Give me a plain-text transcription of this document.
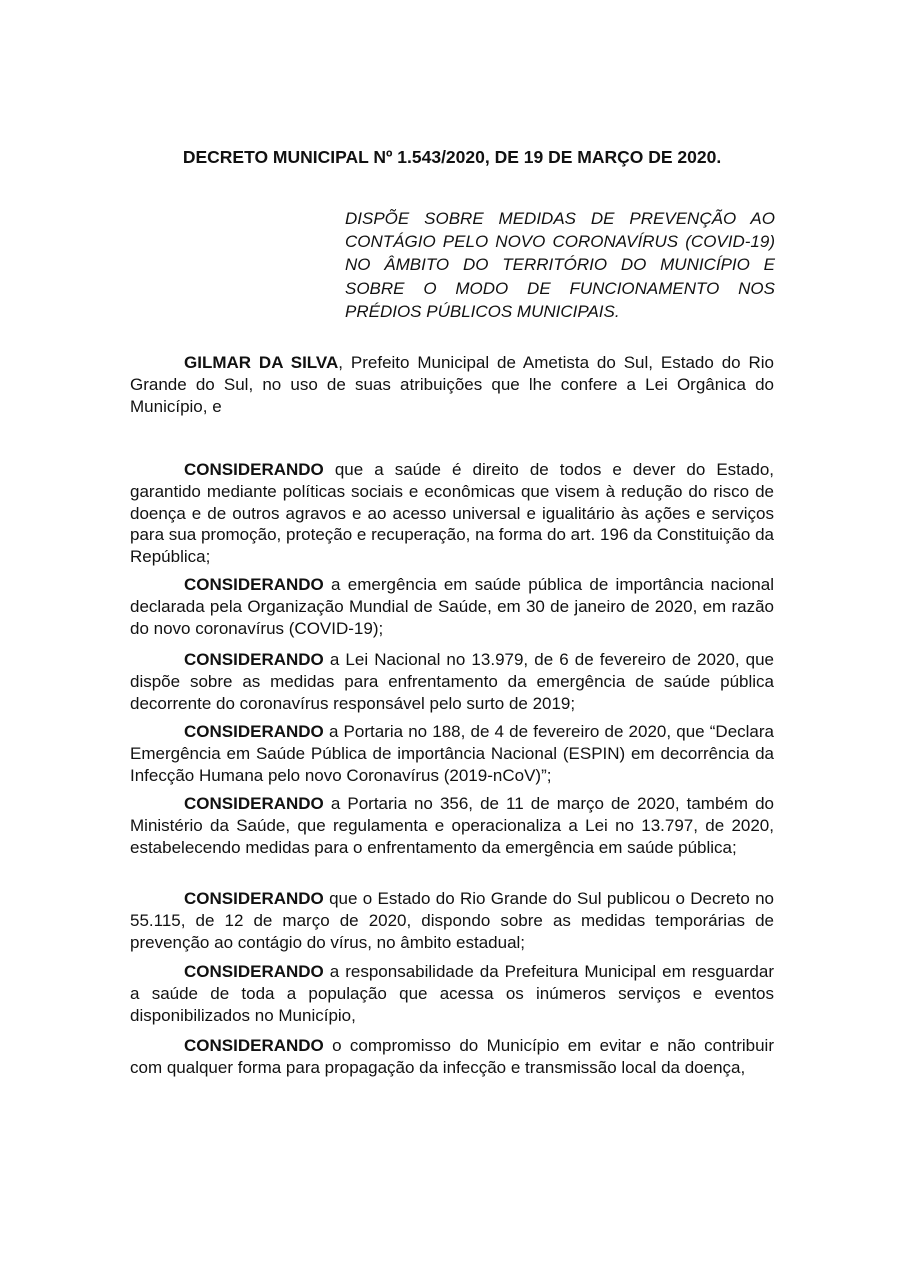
DECRETO MUNICIPAL Nº 1.543/2020, DE 19 DE MARÇO DE 2020.
DISPÕE SOBRE MEDIDAS DE PREVENÇÃO AO CONTÁGIO PELO NOVO CORONAVÍRUS (COVID-19) NO ÂMBITO DO TERRITÓRIO DO MUNICÍPIO E SOBRE O MODO DE FUNCIONAMENTO NOS PRÉDIOS PÚBLICOS MUNICIPAIS.

GILMAR DA SILVA, Prefeito Municipal de Ametista do Sul, Estado do Rio Grande do Sul, no uso de suas atribuições que lhe confere a Lei Orgânica do Município, e

CONSIDERANDO que a saúde é direito de todos e dever do Estado, garantido mediante políticas sociais e econômicas que visem à redução do risco de doença e de outros agravos e ao acesso universal e igualitário às ações e serviços para sua promoção, proteção e recuperação, na forma do art. 196 da Constituição da República;

CONSIDERANDO a emergência em saúde pública de importância nacional declarada pela Organização Mundial de Saúde, em 30 de janeiro de 2020, em razão do novo coronavírus (COVID-19);

CONSIDERANDO a Lei Nacional no 13.979, de 6 de fevereiro de 2020, que dispõe sobre as medidas para enfrentamento da emergência de saúde pública decorrente do coronavírus responsável pelo surto de 2019;

CONSIDERANDO a Portaria no 188, de 4 de fevereiro de 2020, que “Declara Emergência em Saúde Pública de importância Nacional (ESPIN) em decorrência da Infecção Humana pelo novo Coronavírus (2019-nCoV)”;

CONSIDERANDO a Portaria no 356, de 11 de março de 2020, também do Ministério da Saúde, que regulamenta e operacionaliza a Lei no 13.797, de 2020, estabelecendo medidas para o enfrentamento da emergência em saúde pública;

CONSIDERANDO que o Estado do Rio Grande do Sul publicou o Decreto no 55.115, de 12 de março de 2020, dispondo sobre as medidas temporárias de prevenção ao contágio do vírus, no âmbito estadual;

CONSIDERANDO a responsabilidade da Prefeitura Municipal em resguardar a saúde de toda a população que acessa os inúmeros serviços e eventos disponibilizados no Município,

CONSIDERANDO o compromisso do Município em evitar e não contribuir com qualquer forma para propagação da infecção e transmissão local da doença,
